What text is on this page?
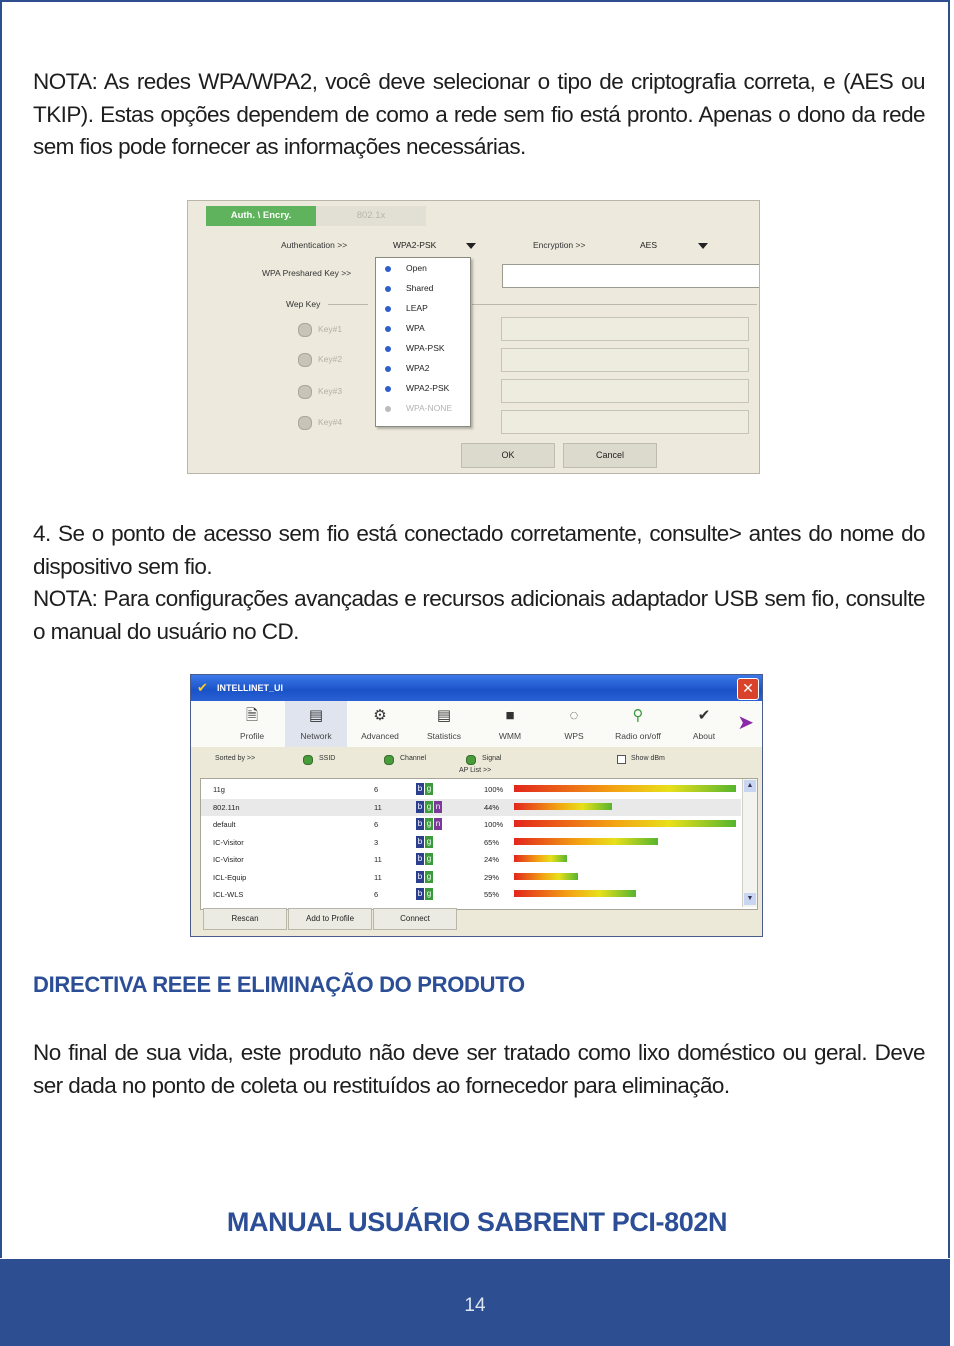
NOTA: As redes WPA/WPA2, você deve selecionar o tipo de criptografia correta, e (AES ou TKIP). Estas opções dependem de como a rede sem fio está pronto. Apenas o dono da rede sem fios pode fornecer as informações necessárias.

Auth. \ Encry.	802.1x
Authentication >>	WPA2-PSK	Encryption >>	AES
WPA Preshared Key >>
Wep Key
Key#1
Key#2
Key#3
Key#4
Open
Shared
LEAP
WPA
WPA-PSK
WPA2
WPA2-PSK
WPA-NONE
OK	Cancel

4. Se o ponto de acesso sem fio está conectado corretamente, consulte> antes do nome do dispositivo sem fio.

NOTA: Para configurações avançadas e recursos adicionais adaptador USB sem fio, consulte o manual do usuário no CD.

✔ INTELLINET_UI	✕
🗎
Profile
▤
Network
⚙
Advanced
▤
Statistics
■
WMM
◌
WPS
⚲
Radio on/off
✔
About
➤
Sorted by >>	SSID	Channel	Signal	Show dBm
AP List >>
11g	6	b g	100%
802.11n	11	b g n	44%
default	6	b g n	100%
IC-Visitor	3	b g	65%
IC-Visitor	11	b g	24%
ICL-Equip	11	b g	29%
ICL-WLS	6	b g	55%
▲
▼
Rescan	Add to Profile	Connect
DIRECTIVA REEE E ELIMINAÇÃO DO PRODUTO

No final de sua vida, este produto não deve ser tratado como lixo doméstico ou geral. Deve ser dada no ponto de coleta ou restituídos ao fornecedor para eliminação.

MANUAL USUÁRIO SABRENT PCI-802N
14
